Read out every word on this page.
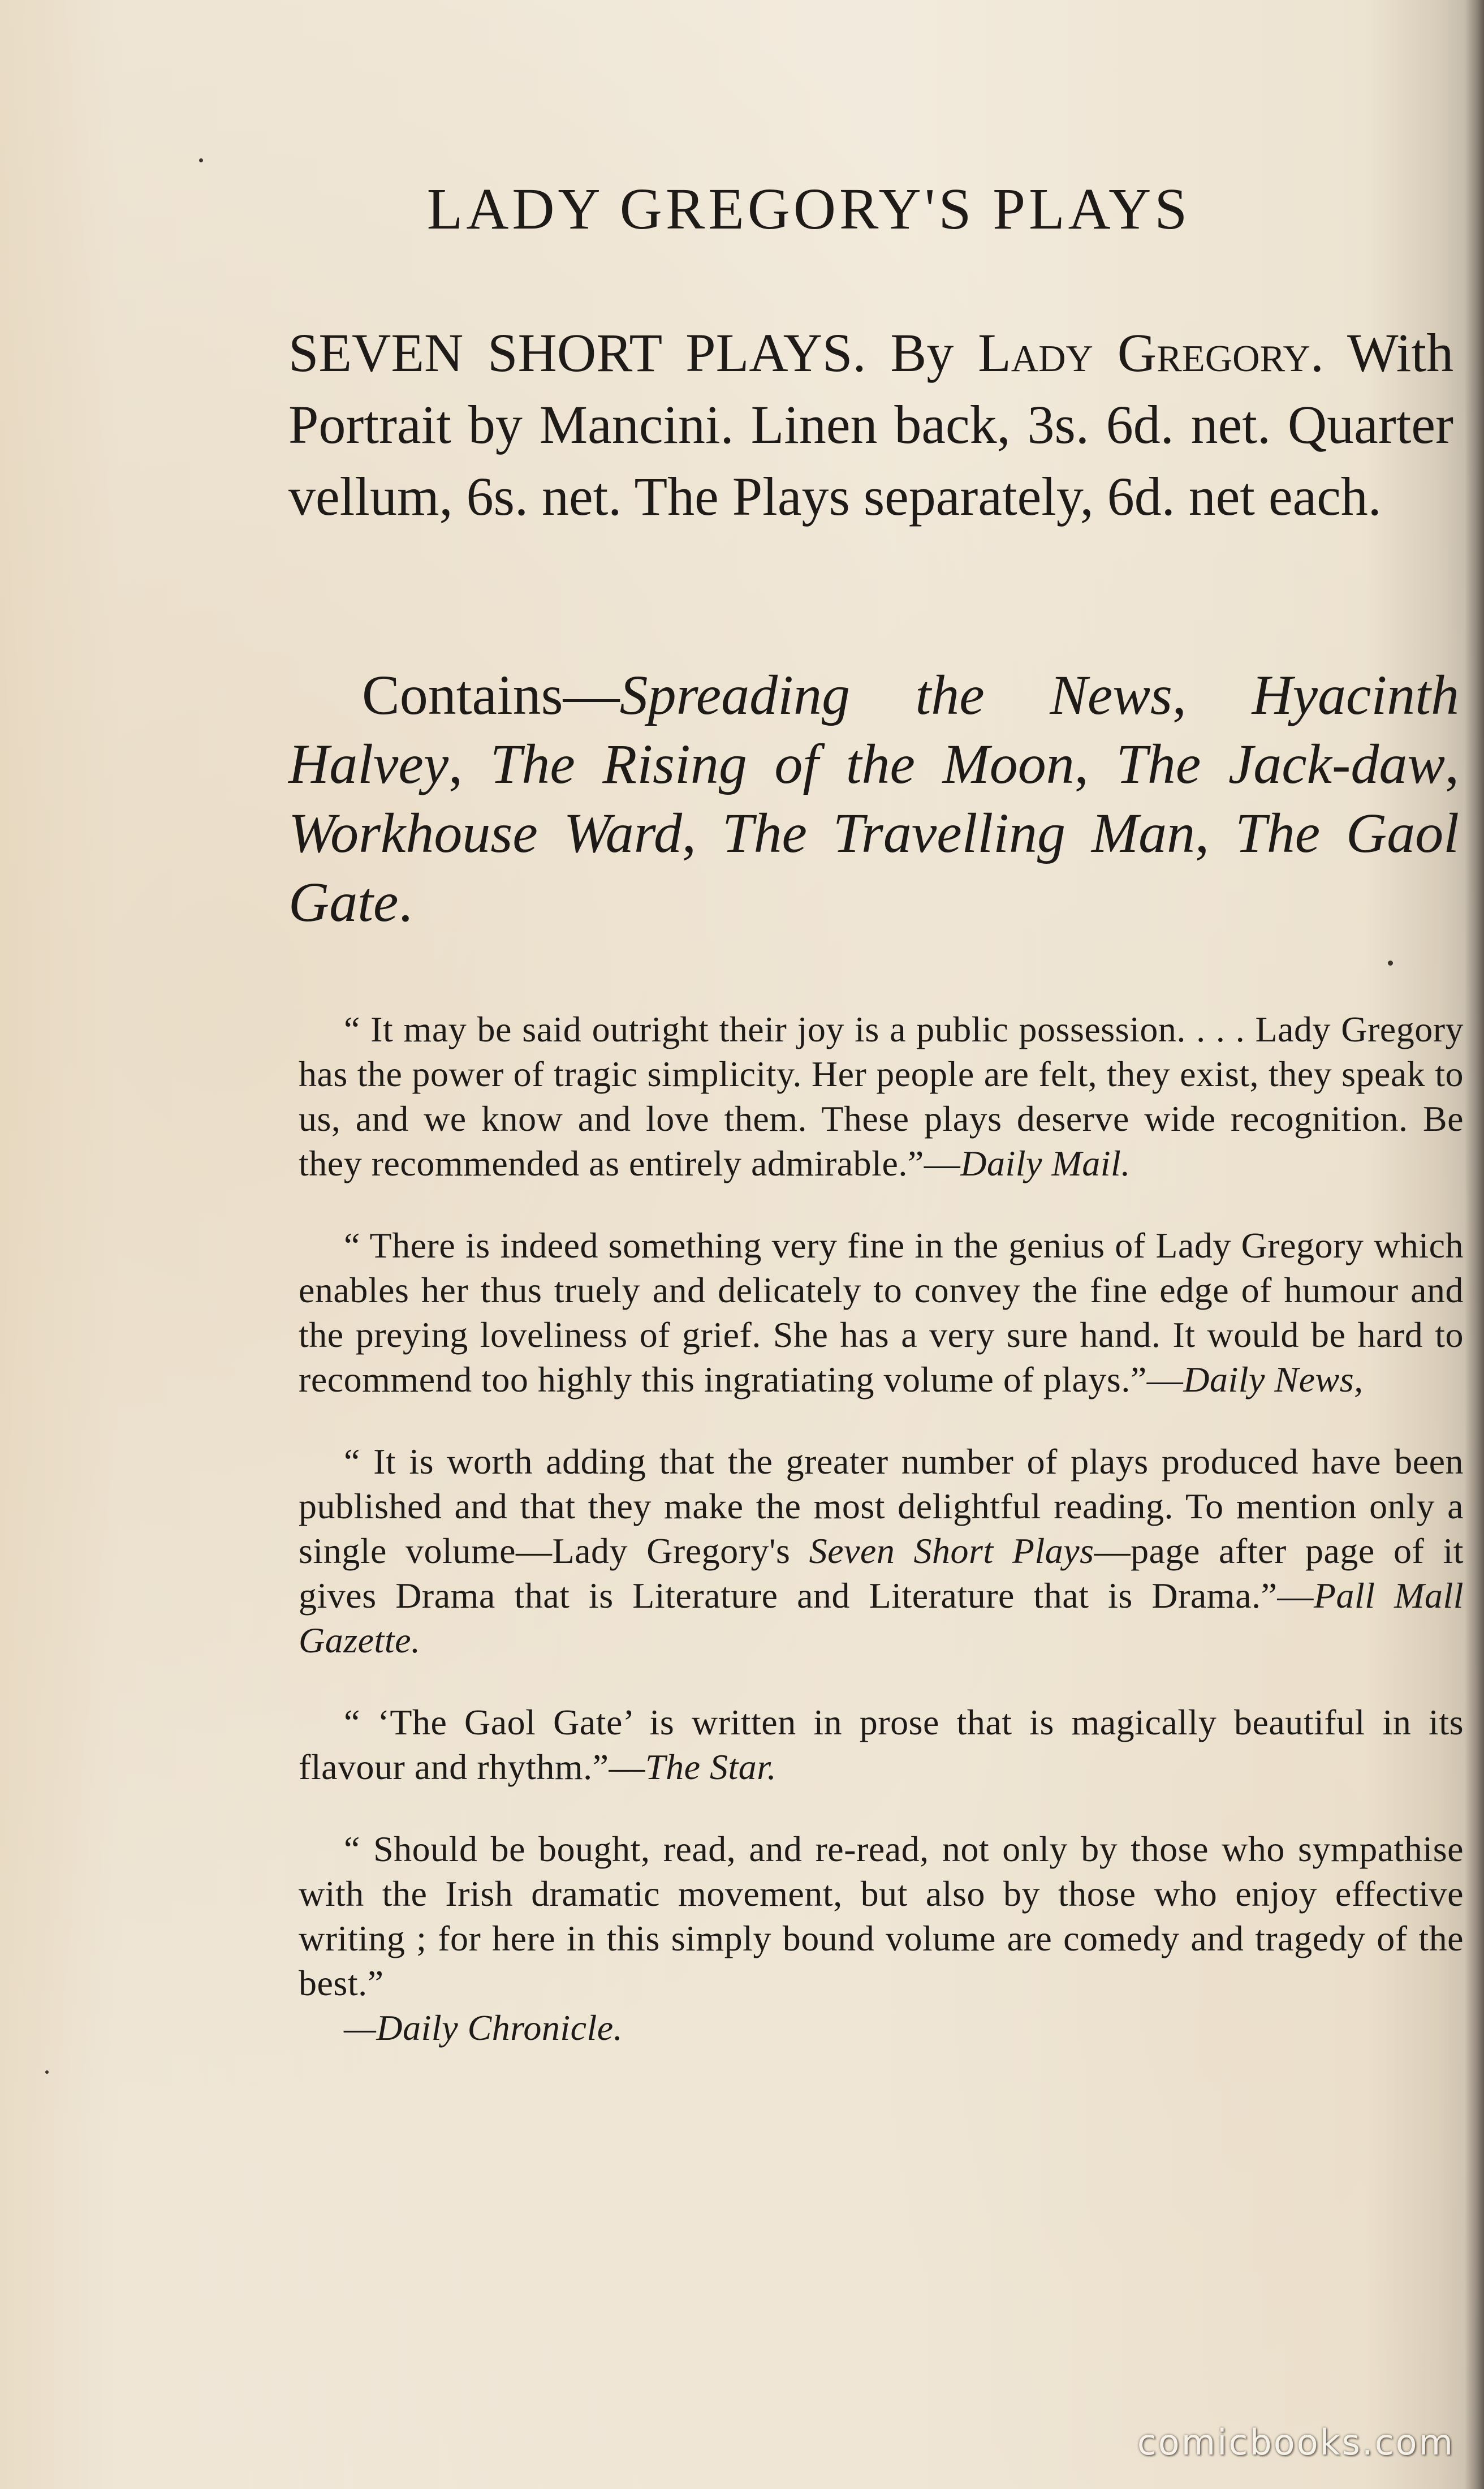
LADY GREGORY'S PLAYS

SEVEN SHORT PLAYS. By Lady Gregory. With Portrait by Mancini. Linen back, 3s. 6d. net. Quarter vellum, 6s. net. The Plays separately, 6d. net each.

Contains—Spreading the News, Hyacinth Halvey, The Rising of the Moon, The Jack-daw, Workhouse Ward, The Travelling Man, The Gaol Gate.

“ It may be said outright their joy is a public possession. . . . Lady Gregory has the power of tragic simplicity. Her people are felt, they exist, they speak to us, and we know and love them. These plays deserve wide recognition. Be they recommended as entirely admirable.”—Daily Mail.

“ There is indeed something very fine in the genius of Lady Gregory which enables her thus truely and delicately to convey the fine edge of humour and the preying loveliness of grief. She has a very sure hand. It would be hard to recommend too highly this ingratiating volume of plays.”—Daily News,

“ It is worth adding that the greater number of plays produced have been published and that they make the most delightful reading. To mention only a single volume—Lady Gregory's Seven Short Plays—page after page of it gives Drama that is Literature and Literature that is Drama.”—Pall Mall Gazette.

“ ‘The Gaol Gate’ is written in prose that is magically beautiful in its flavour and rhythm.”—The Star.

“ Should be bought, read, and re-read, not only by those who sympathise with the Irish dramatic movement, but also by those who enjoy effective writing ; for here in this simply bound volume are comedy and tragedy of the best.”
—Daily Chronicle.

comicbooks.com
